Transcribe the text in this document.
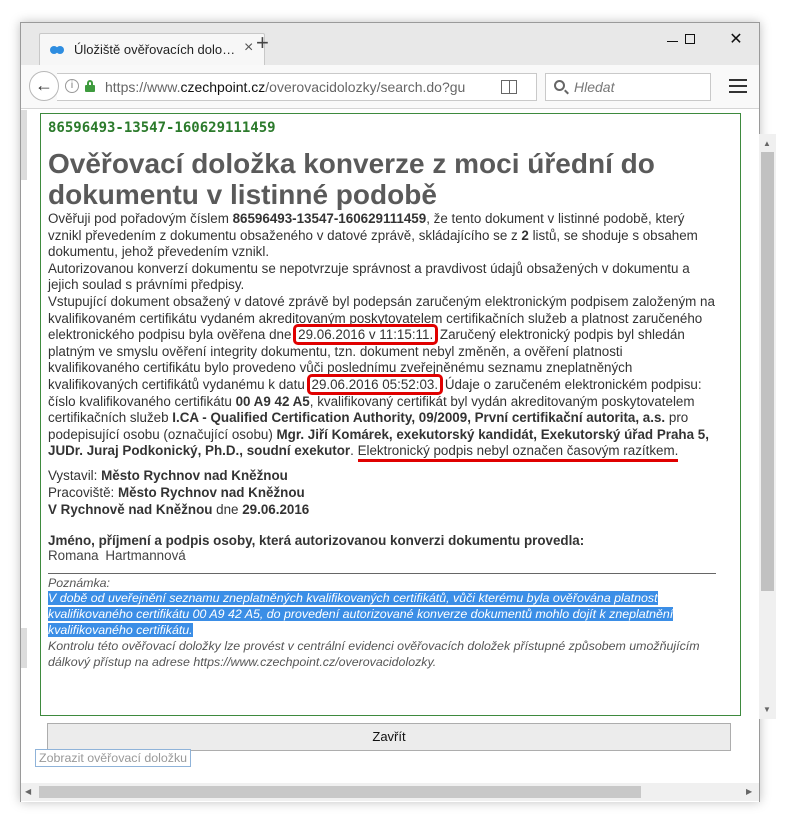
Úložiště ověřovacích dolo… × +	✕
i	https://www.czechpoint.cz/overovacidolozky/search.do?gu
←	Hledat
86596493-13547-160629111459
Ověřovací doložka konverze z moci úřední do dokumentu v listinné podobě
Ověřuji pod pořadovým číslem 86596493-13547-160629111459, že tento dokument v listinné podobě, který vznikl převedením z dokumentu obsaženého v datové zprávě, skládajícího se z 2 listů, se shoduje s obsahem dokumentu, jehož převedením vznikl.
Autorizovanou konverzí dokumentu se nepotvrzuje správnost a pravdivost údajů obsažených v dokumentu a jejich soulad s právními předpisy.
Vstupující dokument obsažený v datové zprávě byl podepsán zaručeným elektronickým podpisem založeným na kvalifikovaném certifikátu vydaném akreditovaným poskytovatelem certifikačních služeb a platnost zaručeného elektronického podpisu byla ověřena dne 29.06.2016 v 11:15:11. Zaručený elektronický podpis byl shledán platným ve smyslu ověření integrity dokumentu, tzn. dokument nebyl změněn, a ověření platnosti kvalifikovaného certifikátu bylo provedeno vůči poslednímu zveřejněnému seznamu zneplatněných kvalifikovaných certifikátů vydanému k datu 29.06.2016 05:52:03. Údaje o zaručeném elektronickém podpisu: číslo kvalifikovaného certifikátu 00 A9 42 A5, kvalifikovaný certifikát byl vydán akreditovaným poskytovatelem certifikačních služeb I.CA - Qualified Certification Authority, 09/2009, První certifikační autorita, a.s. pro podepisující osobu (označující osobu) Mgr. Jiří Komárek, exekutorský kandidát, Exekutorský úřad Praha 5, JUDr. Juraj Podkonický, Ph.D., soudní exekutor. Elektronický podpis nebyl označen časovým razítkem.
Vystavil: Město Rychnov nad Kněžnou
Pracoviště: Město Rychnov nad Kněžnou
V Rychnově nad Kněžnou dne 29.06.2016
Jméno, příjmení a podpis osoby, která autorizovanou konverzi dokumentu provedla:
Romana Hartmannová
Poznámka:
V době od uveřejnění seznamu zneplatněných kvalifikovaných certifikátů, vůči kterému byla ověřována platnost kvalifikovaného certifikátu 00 A9 42 A5, do provedení autorizované konverze dokumentů mohlo dojít k zneplatnění kvalifikovaného certifikátu.
Kontrolu této ověřovací doložky lze provést v centrální evidenci ověřovacích doložek přístupné způsobem umožňujícím dálkový přístup na adrese https://www.czechpoint.cz/overovacidolozky.
▲
▼
Zavřít
Zobrazit ověřovací doložku
◀	▶
